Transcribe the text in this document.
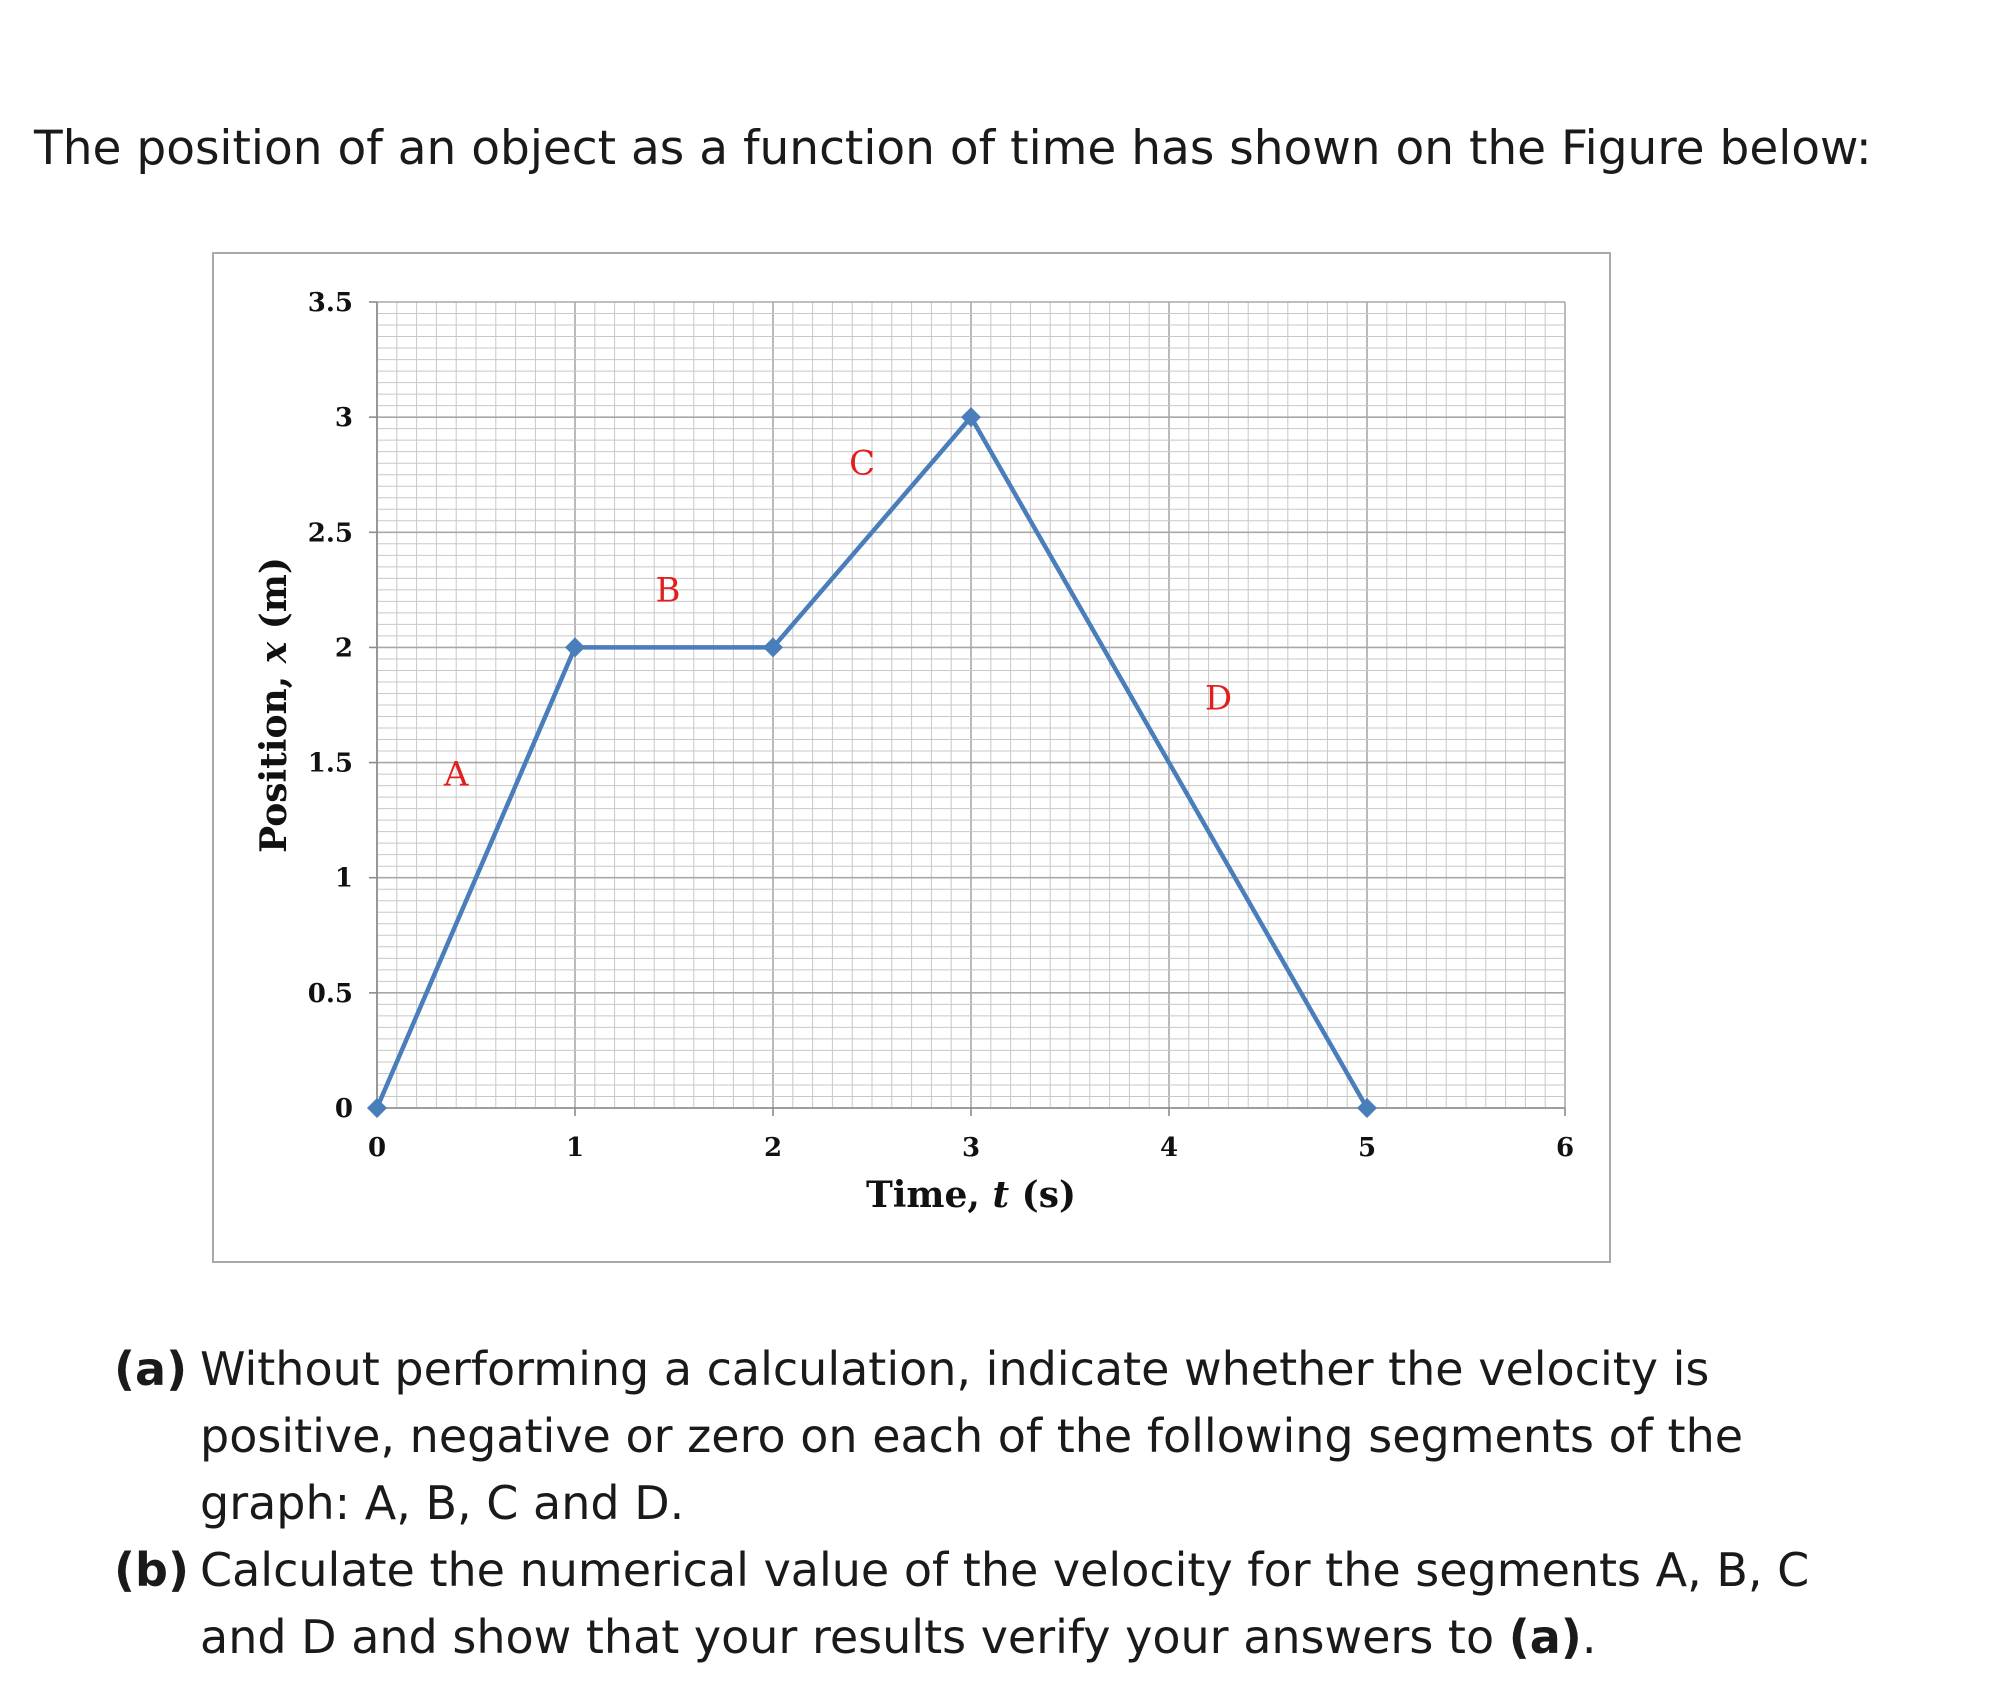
The position of an object as a function of time has shown on the Figure below:
0
0.5
1
1.5
2
2.5
3
3.5
0	1	2	3	4	5	6
A
B
C
D
Time, t (s)
Position, x (m)
(a) Without performing a calculation, indicate whether the velocity is positive, negative or zero on each of the following segments of the graph: A, B, C and D.
(b) Calculate the numerical value of the velocity for the segments A, B, C and D and show that your results verify your answers to (a).
